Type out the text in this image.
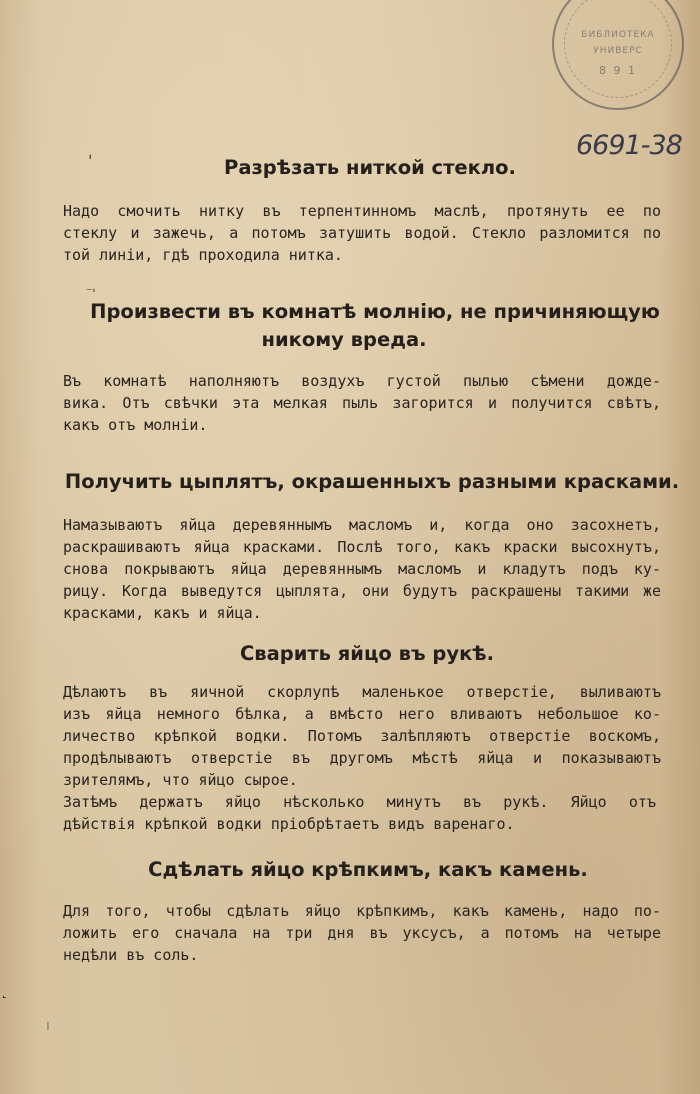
БИБЛИОТЕКА
УНИВЕРС
8 9 1
6691-38
ˈ
⁻˒
Разрѣзать ниткой стекло.
Надо смочить нитку въ терпентинномъ маслѣ, протянуть ее по
стеклу и зажечь, а потомъ затушить водой. Стекло разломится по
той линіи, гдѣ проходила нитка.
Произвести въ комнатѣ молнію, не причиняющую
никому вреда.
Въ комнатѣ наполняютъ воздухъ густой пылью сѣмени дожде-
вика. Отъ свѣчки эта мелкая пыль загорится и получится свѣтъ,
какъ отъ молніи.
Получить цыплятъ, окрашенныхъ разными красками.
Намазываютъ яйца деревяннымъ масломъ и, когда оно засохнетъ,
раскрашиваютъ яйца красками. Послѣ того, какъ краски высохнутъ,
снова покрываютъ яйца деревяннымъ масломъ и кладутъ подъ ку-
рицу. Когда выведутся цыплята, они будутъ раскрашены такими же
красками, какъ и яйца.
Сварить яйцо въ рукѣ.
Дѣлаютъ въ яичной скорлупѣ маленькое отверстіе, выливаютъ
изъ яйца немного бѣлка, а вмѣсто него вливаютъ небольшое ко-
личество крѣпкой водки. Потомъ залѣпляютъ отверстіе воскомъ,
продѣлываютъ отверстіе въ другомъ мѣстѣ яйца и показываютъ
зрителямъ, что яйцо сырое.
Затѣмъ держатъ яйцо нѣсколько минутъ въ рукѣ. Яйцо отъ
дѣйствія крѣпкой водки пріобрѣтаетъ видъ варенаго.
Сдѣлать яйцо крѣпкимъ, какъ камень.
Для того, чтобы сдѣлать яйцо крѣпкимъ, какъ камень, надо по-
ложить его сначала на три дня въ уксусъ, а потомъ на четыре
недѣли въ соль.
˻
ı
